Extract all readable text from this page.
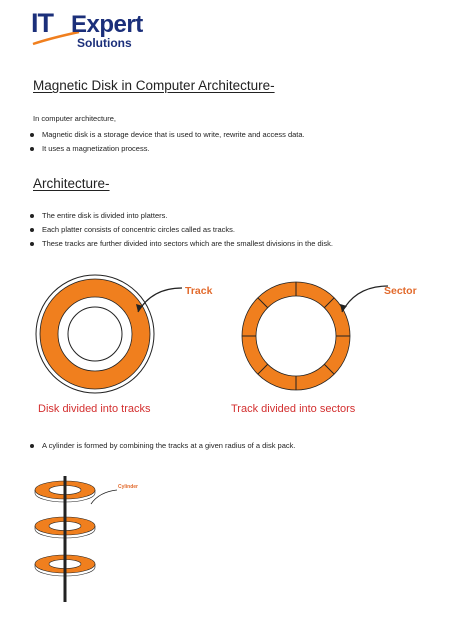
IT Expert
Solutions
Magnetic Disk in Computer Architecture-
In computer architecture,
Magnetic disk is a storage device that is used to write, rewrite and access data.
It uses a magnetization process.
Architecture-
The entire disk is divided into platters.
Each platter consists of concentric circles called as tracks.
These tracks are further divided into sectors which are the smallest divisions in the disk.
Track	Sector
Disk divided into tracks	Track divided into sectors
A cylinder is formed by combining the tracks at a given radius of a disk pack.
Cylinder
